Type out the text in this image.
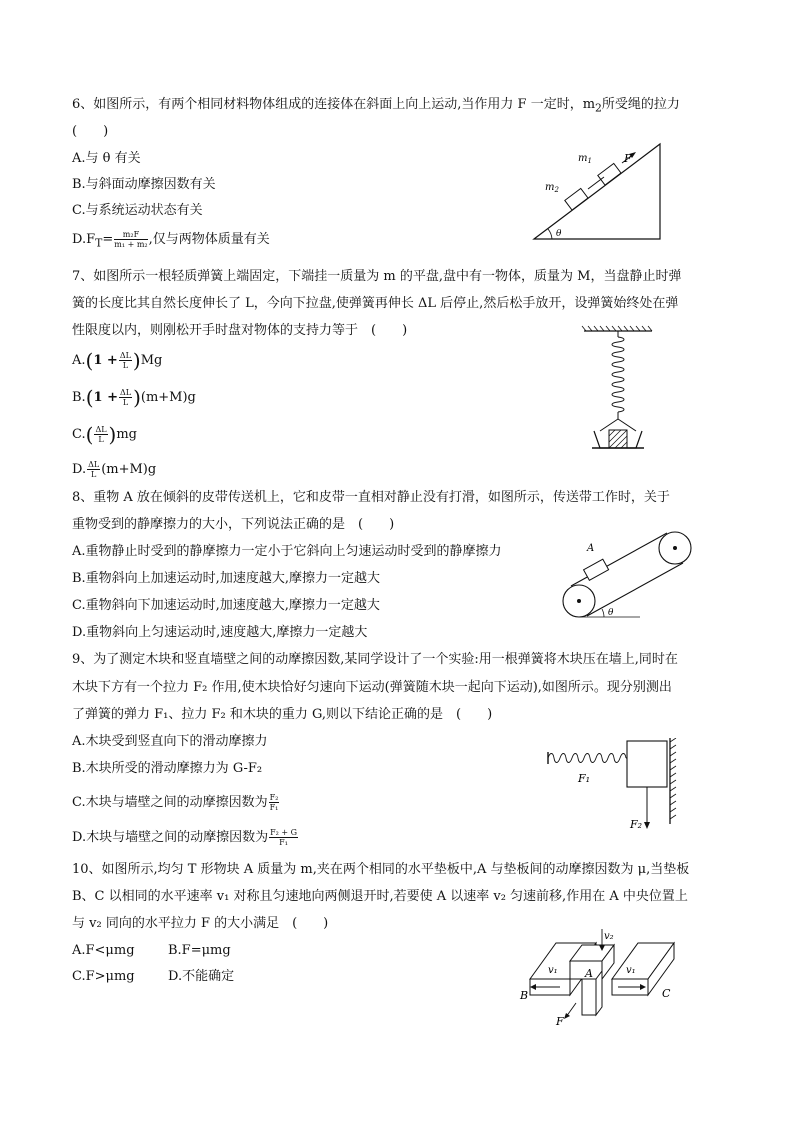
6、如图所示，有两个相同材料物体组成的连接体在斜面上向上运动,当作用力 F 一定时，$m_2$所受绳的拉力
(　　)
A.与 θ 有关
B.与斜面动摩擦因数有关
C.与系统运动状态有关
$D.F_T= \frac{\text{m₂F}}{\text{m₁ + m₂}}$ ,仅与两物体质量有关
$m_1$
$m_2$
F
θ
7、如图所示一根轻质弹簧上端固定，下端挂一质量为 m 的平盘,盘中有一物体，质量为 M，当盘静止时弹
簧的长度比其自然长度伸长了 L，今向下拉盘,使弹簧再伸长 ΔL 后停止,然后松手放开，设弹簧始终处在弹
性限度以内，则刚松开手时盘对物体的支持力等于　(　　)
$A.(1 + \frac{\Delta L}{L} )Mg$
$B.(1 + \frac{\Delta L}{L} )(m+M)g$
$C.( \frac{\Delta L}{L} )mg$
D. $\frac{\Delta L}{L} (m+M)g$
8、重物 A 放在倾斜的皮带传送机上，它和皮带一直相对静止没有打滑，如图所示，传送带工作时，关于
重物受到的静摩擦力的大小，下列说法正确的是　(　　)
A.重物静止时受到的静摩擦力一定小于它斜向上匀速运动时受到的静摩擦力
B.重物斜向上加速运动时,加速度越大,摩擦力一定越大
C.重物斜向下加速运动时,加速度越大,摩擦力一定越大
D.重物斜向上匀速运动时,速度越大,摩擦力一定越大
A
θ
9、为了测定木块和竖直墙壁之间的动摩擦因数,某同学设计了一个实验:用一根弹簧将木块压在墙上,同时在
木块下方有一个拉力 F₂ 作用,使木块恰好匀速向下运动(弹簧随木块一起向下运动),如图所示。现分别测出
了弹簧的弹力 F₁、拉力 F₂ 和木块的重力 G,则以下结论正确的是　(　　)
A.木块受到竖直向下的滑动摩擦力
B.木块所受的滑动摩擦力为 G-F₂
C.木块与墙壁之间的动摩擦因数为 $\frac{\text{F₂}}{\text{F₁}}$
D.木块与墙壁之间的动摩擦因数为 $\frac{\text{F₂ + G}}{\text{F₁}}$
F₁
F₂
10、如图所示,均匀 T 形物块 A 质量为 m,夹在两个相同的水平垫板中,A 与垫板间的动摩擦因数为 μ,当垫板
B、C 以相同的水平速率 v₁ 对称且匀速地向两侧退开时,若要使 A 以速率 v₂ 匀速前移,作用在 A 中央位置上
与 v₂ 同向的水平拉力 F 的大小满足　(　　)
A.F<μmg	B.F=μmg
C.F>μmg	D.不能确定
v₂
v₁	v₁
A
B	C
F
